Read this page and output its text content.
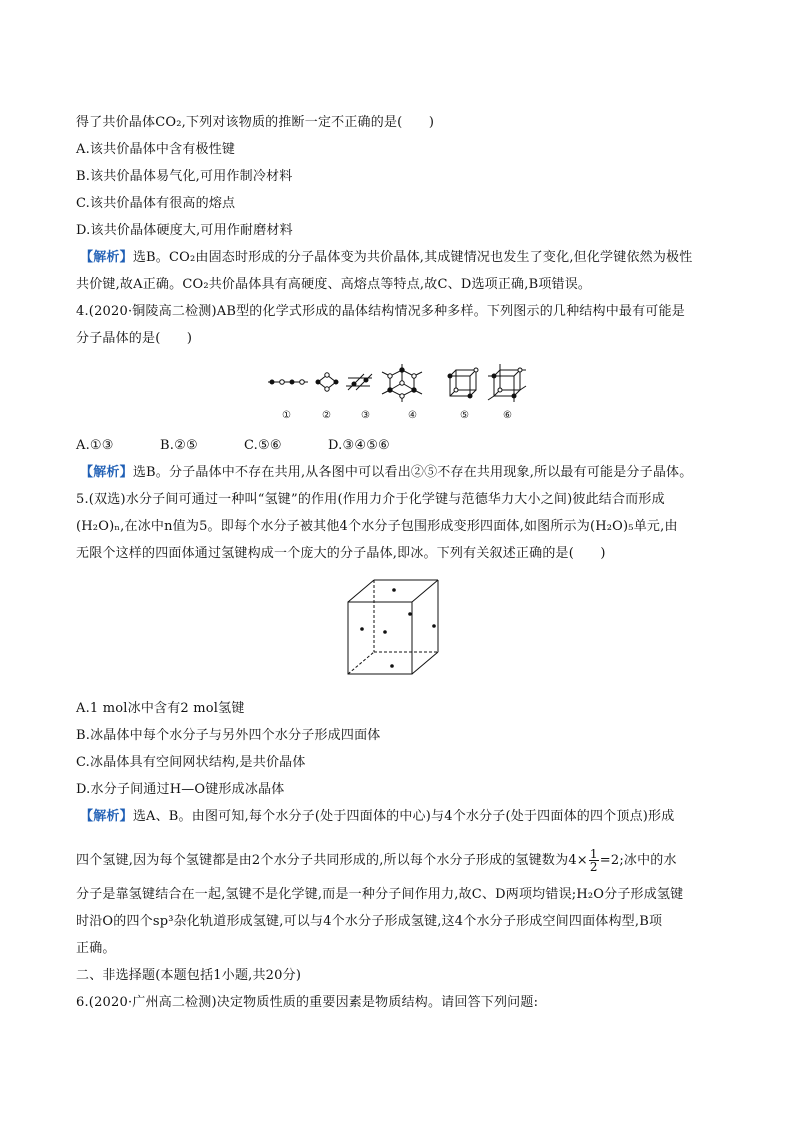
得了共价晶体CO₂,下列对该物质的推断一定不正确的是(　　)
A.该共价晶体中含有极性键
B.该共价晶体易气化,可用作制冷材料
C.该共价晶体有很高的熔点
D.该共价晶体硬度大,可用作耐磨材料
【解析】选B。CO₂由固态时形成的分子晶体变为共价晶体,其成键情况也发生了变化,但化学键依然为极性
共价键,故A正确。CO₂共价晶体具有高硬度、高熔点等特点,故C、D选项正确,B项错误。
4.(2020·铜陵高二检测)AB型的化学式形成的晶体结构情况多种多样。下列图示的几种结构中最有可能是
分子晶体的是(　　)
①	②	③	④	⑤	⑥
A.①③	B.②⑤	C.⑤⑥	D.③④⑤⑥
【解析】选B。分子晶体中不存在共用,从各图中可以看出②⑤不存在共用现象,所以最有可能是分子晶体。
5.(双选)水分子间可通过一种叫“氢键”的作用(作用力介于化学键与范德华力大小之间)彼此结合而形成
(H₂O)ₙ,在冰中n值为5。即每个水分子被其他4个水分子包围形成变形四面体,如图所示为(H₂O)₅单元,由
无限个这样的四面体通过氢键构成一个庞大的分子晶体,即冰。下列有关叙述正确的是(　　)
A.1 mol冰中含有2 mol氢键
B.冰晶体中每个水分子与另外四个水分子形成四面体
C.冰晶体具有空间网状结构,是共价晶体
D.水分子间通过H—O键形成冰晶体
【解析】选A、B。由图可知,每个水分子(处于四面体的中心)与4个水分子(处于四面体的四个顶点)形成
四个氢键,因为每个氢键都是由2个水分子共同形成的,所以每个水分子形成的氢键数为$4\times \frac{1}{2} =2$;冰中的水
分子是靠氢键结合在一起,氢键不是化学键,而是一种分子间作用力,故C、D两项均错误;H₂O分子形成氢键
时沿O的四个sp³杂化轨道形成氢键,可以与4个水分子形成氢键,这4个水分子形成空间四面体构型,B项
正确。
二、非选择题(本题包括1小题,共20分)
6.(2020·广州高二检测)决定物质性质的重要因素是物质结构。请回答下列问题:
